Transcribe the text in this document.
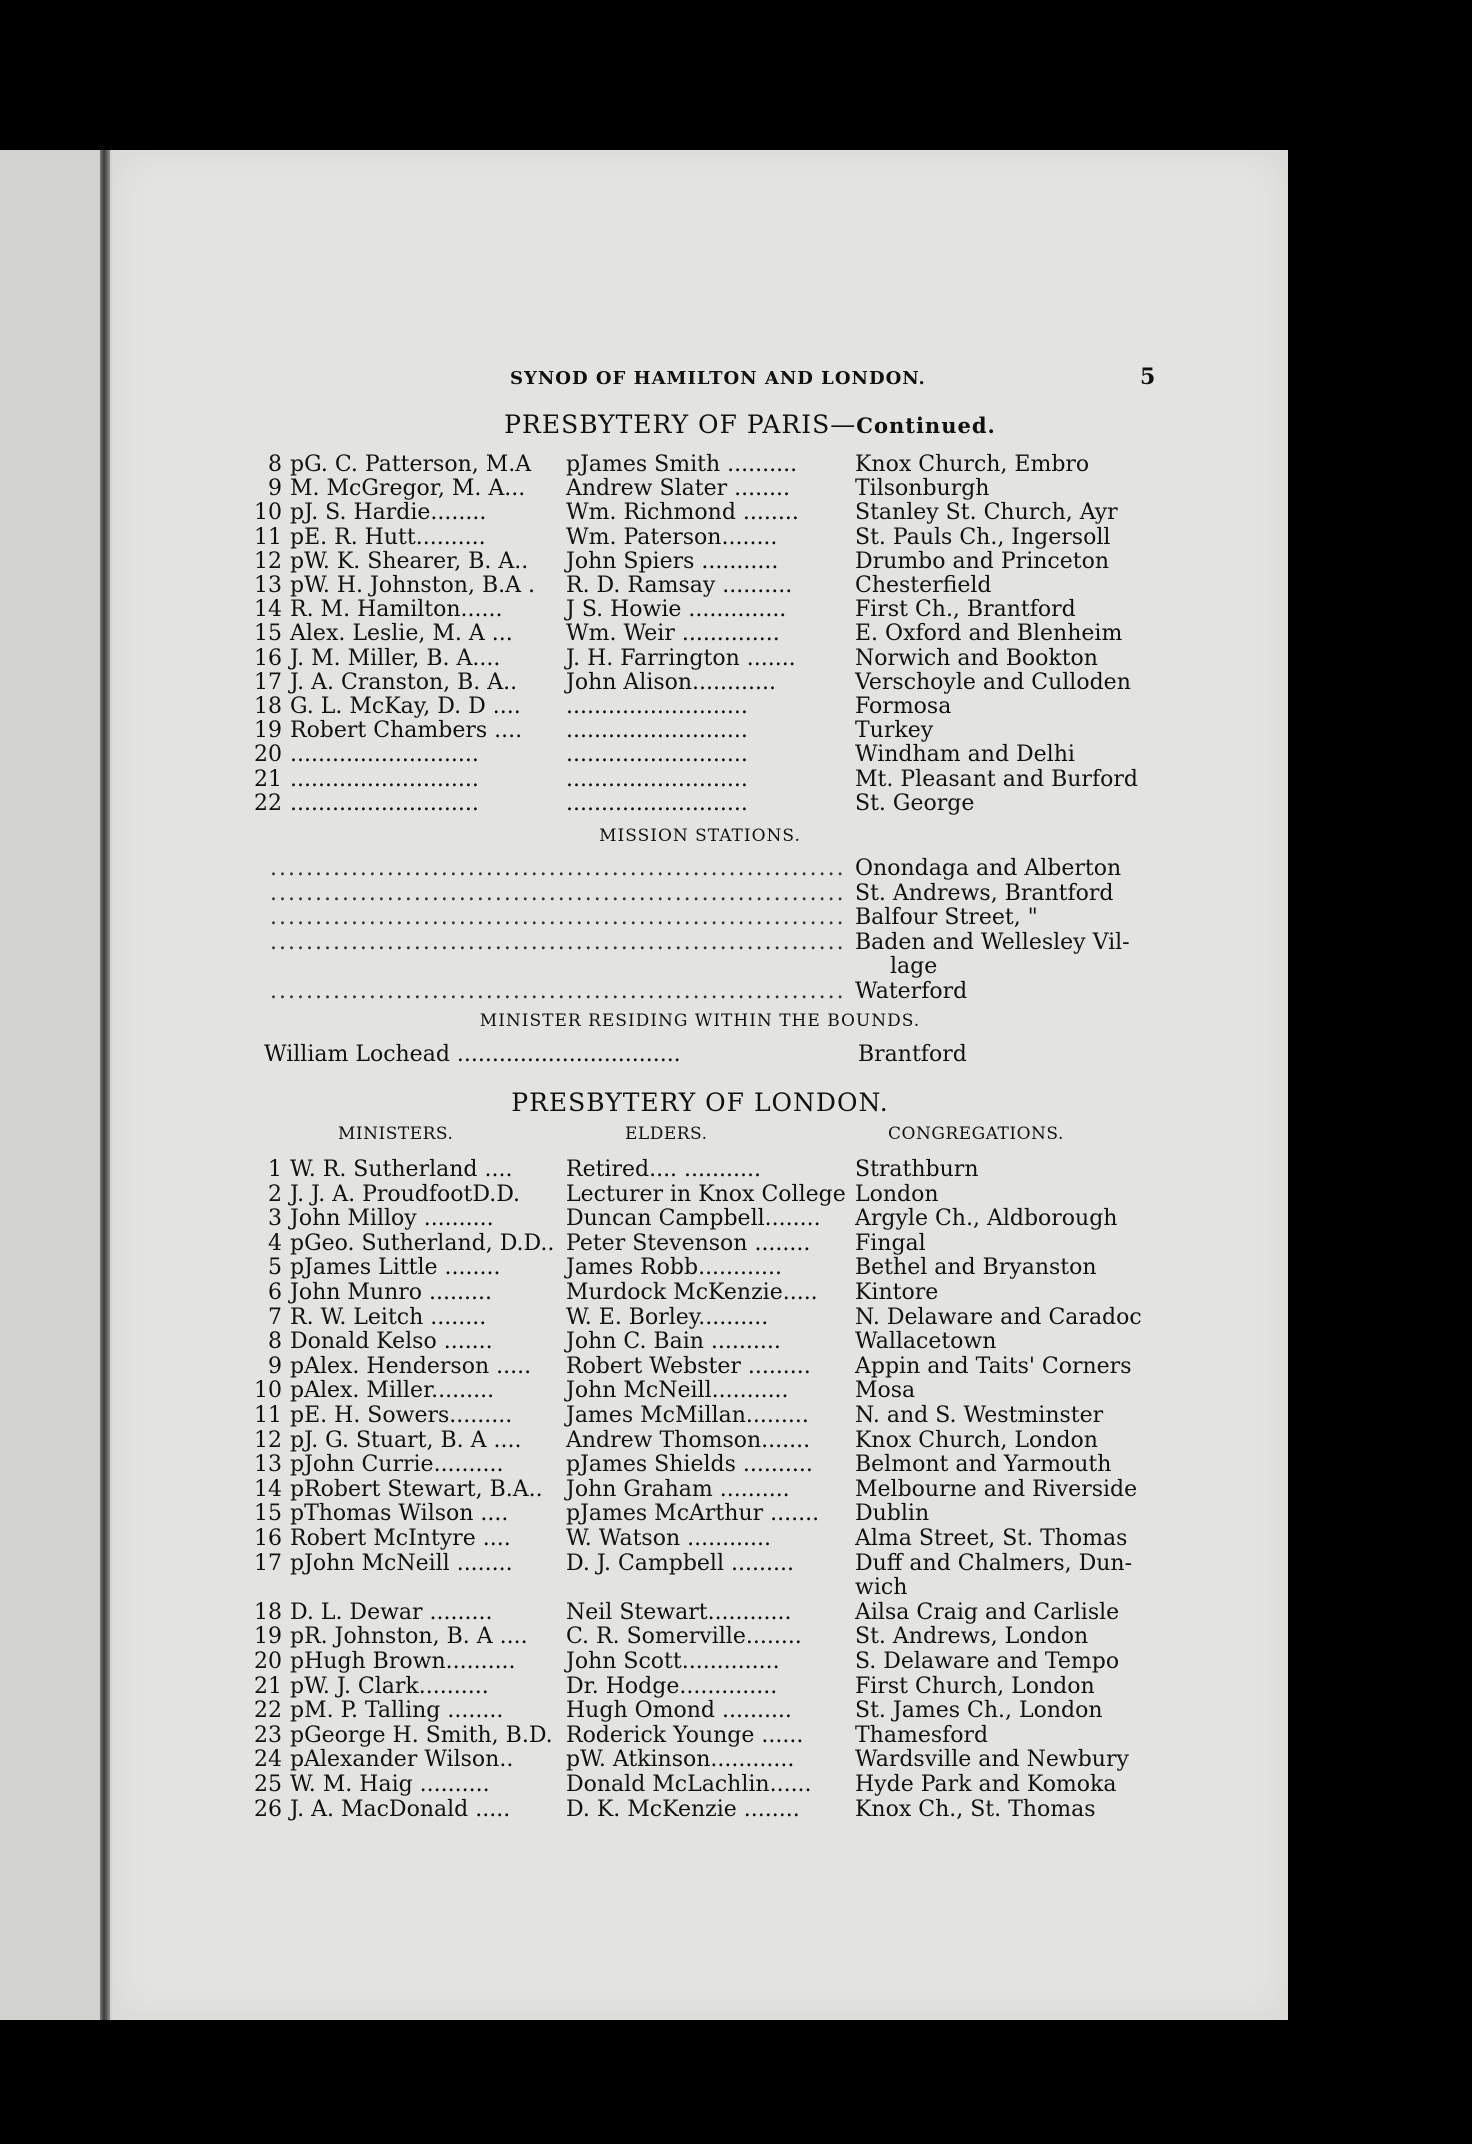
SYNOD OF HAMILTON AND LONDON.	5
PRESBYTERY OF PARIS—Continued.
8 pG. C. Patterson, M.A pJames Smith ..........	Knox Church, Embro
9 M. McGregor, M. A... Andrew Slater ........	Tilsonburgh
10 pJ. S. Hardie........	Wm. Richmond ........	Stanley St. Church, Ayr
11 pE. R. Hutt..........	Wm. Paterson........	St. Pauls Ch., Ingersoll
12 pW. K. Shearer, B. A.. John Spiers ...........	Drumbo and Princeton
13 pW. H. Johnston, B.A . R. D. Ramsay ..........	Chesterfield
14 R. M. Hamilton......	J S. Howie ..............	First Ch., Brantford
15 Alex. Leslie, M. A ... Wm. Weir ..............	E. Oxford and Blenheim
16 J. M. Miller, B. A....	J. H. Farrington .......	Norwich and Bookton
17 J. A. Cranston, B. A.. John Alison............	Verschoyle and Culloden
18 G. L. McKay, D. D .... ..........................	Formosa
19 Robert Chambers .... ..........................	Turkey
20 ...........................	..........................	Windham and Delhi
21 ...........................	..........................	Mt. Pleasant and Burford
22 ...........................	..........................	St. George
MISSION STATIONS.
................................................................ Onondaga and Alberton
................................................................ St. Andrews, Brantford
................................................................ Balfour Street, "
................................................................ Baden and Wellesley Vil-
lage
................................................................ Waterford
MINISTER RESIDING WITHIN THE BOUNDS.
William Lochead ................................	Brantford
PRESBYTERY OF LONDON.
MINISTERS.	ELDERS.	CONGREGATIONS.
1 W. R. Sutherland .... Retired.... ...........	Strathburn
2 J. J. A. ProudfootD.D. Lecturer in Knox College London
3 John Milloy ..........	Duncan Campbell........ Argyle Ch., Aldborough
4 pGeo. Sutherland, D.D.. Peter Stevenson ........ Fingal
5 pJames Little ........	James Robb............	Bethel and Bryanston
6 John Munro .........	Murdock McKenzie..... Kintore
7 R. W. Leitch ........	W. E. Borley..........	N. Delaware and Caradoc
8 Donald Kelso .......	John C. Bain ..........	Wallacetown
9 pAlex. Henderson ..... Robert Webster ......... Appin and Taits' Corners
10 pAlex. Miller.........	John McNeill...........	Mosa
11 pE. H. Sowers......... James McMillan......... N. and S. Westminster
12 pJ. G. Stuart, B. A .... Andrew Thomson....... Knox Church, London
13 pJohn Currie..........	pJames Shields .......... Belmont and Yarmouth
14 pRobert Stewart, B.A.. John Graham ..........	Melbourne and Riverside
15 pThomas Wilson ....	pJames McArthur ....... Dublin
16 Robert McIntyre ....	W. Watson ............	Alma Street, St. Thomas
17 pJohn McNeill ........ D. J. Campbell .........	Duff and Chalmers, Dun-
wich
18 D. L. Dewar .........	Neil Stewart............	Ailsa Craig and Carlisle
19 pR. Johnston, B. A .... C. R. Somerville........ St. Andrews, London
20 pHugh Brown.......... John Scott..............	S. Delaware and Tempo
21 pW. J. Clark..........	Dr. Hodge..............	First Church, London
22 pM. P. Talling ........	Hugh Omond ..........	St. James Ch., London
23 pGeorge H. Smith, B.D. Roderick Younge ...... Thamesford
24 pAlexander Wilson.. pW. Atkinson............	Wardsville and Newbury
25 W. M. Haig ..........	Donald McLachlin...... Hyde Park and Komoka
26 J. A. MacDonald .....	D. K. McKenzie ........	Knox Ch., St. Thomas
